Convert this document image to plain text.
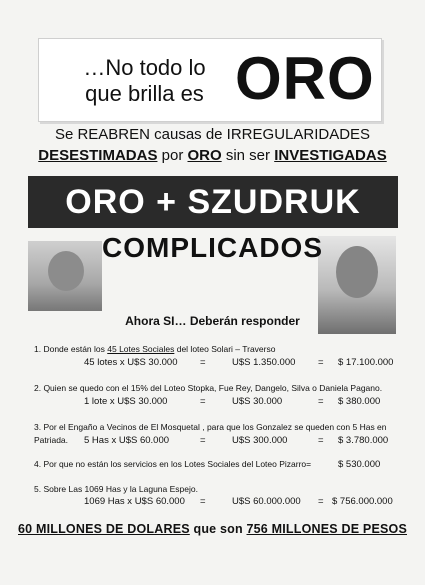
…No todo lo
que brilla es ORO
Se REABREN causas de IRREGULARIDADES
DESESTIMADAS por ORO sin ser INVESTIGADAS
ORO + SZUDRUK
COMPLICADOS
Ahora SI… Deberán responder
1. Donde están los 45 Lotes Sociales del loteo Solari – Traverso
45 lotes x U$S 30.000 =	U$S 1.350.000 = $ 17.100.000
2. Quien se quedo con el 15% del Loteo Stopka, Fue Rey, Dangelo, Silva o Daniela Pagano.
1 lote x U$S 30.000	=	U$S 30.000	= $ 380.000
3. Por el Engaño a Vecinos de El Mosquetal , para que los Gonzalez se queden con 5 Has en
Patriada. 5 Has x U$S 60.000	=	U$S 300.000	= $ 3.780.000
4. Por que no están los servicios en los Lotes Sociales del Loteo Pizarro=	$ 530.000
5. Sobre Las 1069 Has y la Laguna Espejo.
1069 Has x U$S 60.000 =	U$S 60.000.000 = $ 756.000.000
60 MILLONES DE DOLARES que son 756 MILLONES DE PESOS
